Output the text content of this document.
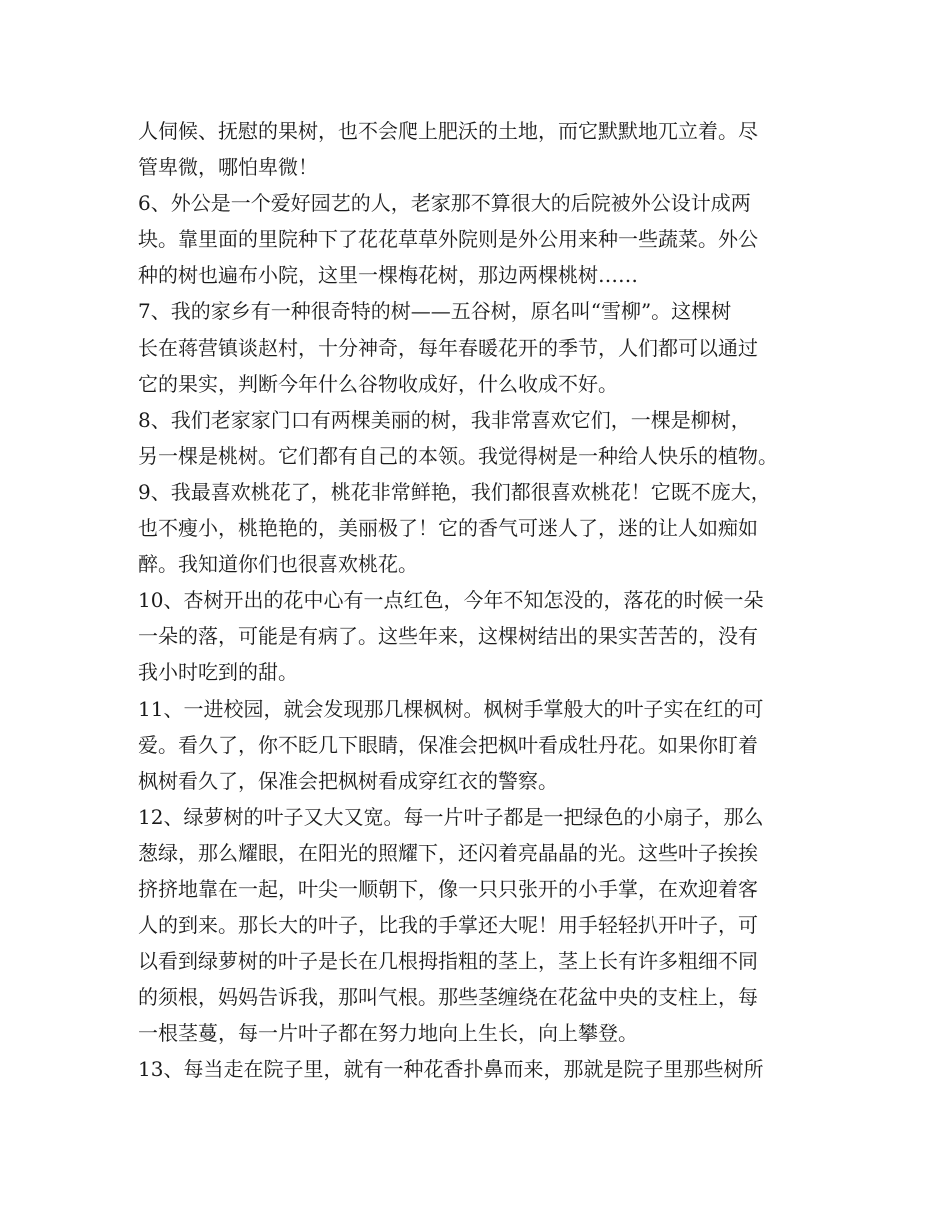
人伺候、抚慰的果树，也不会爬上肥沃的土地，而它默默地兀立着。尽
管卑微，哪怕卑微！
6、外公是一个爱好园艺的人，老家那不算很大的后院被外公设计成两
块。靠里面的里院种下了花花草草外院则是外公用来种一些蔬菜。外公
种的树也遍布小院，这里一棵梅花树，那边两棵桃树……
7、我的家乡有一种很奇特的树——五谷树，原名叫“雪柳”。这棵树
长在蒋营镇谈赵村，十分神奇，每年春暖花开的季节，人们都可以通过
它的果实，判断今年什么谷物收成好，什么收成不好。
8、我们老家家门口有两棵美丽的树，我非常喜欢它们，一棵是柳树，
另一棵是桃树。它们都有自己的本领。我觉得树是一种给人快乐的植物。
9、我最喜欢桃花了，桃花非常鲜艳，我们都很喜欢桃花！它既不庞大，
也不瘦小，桃艳艳的，美丽极了！它的香气可迷人了，迷的让人如痴如
醉。我知道你们也很喜欢桃花。
10、杏树开出的花中心有一点红色，今年不知怎没的，落花的时候一朵
一朵的落，可能是有病了。这些年来，这棵树结出的果实苦苦的，没有
我小时吃到的甜。
11、一进校园，就会发现那几棵枫树。枫树手掌般大的叶子实在红的可
爱。看久了，你不眨几下眼睛，保准会把枫叶看成牡丹花。如果你盯着
枫树看久了，保准会把枫树看成穿红衣的警察。
12、绿萝树的叶子又大又宽。每一片叶子都是一把绿色的小扇子，那么
葱绿，那么耀眼，在阳光的照耀下，还闪着亮晶晶的光。这些叶子挨挨
挤挤地靠在一起，叶尖一顺朝下，像一只只张开的小手掌，在欢迎着客
人的到来。那长大的叶子，比我的手掌还大呢！用手轻轻扒开叶子，可
以看到绿萝树的叶子是长在几根拇指粗的茎上，茎上长有许多粗细不同
的须根，妈妈告诉我，那叫气根。那些茎缠绕在花盆中央的支柱上，每
一根茎蔓，每一片叶子都在努力地向上生长，向上攀登。
13、每当走在院子里，就有一种花香扑鼻而来，那就是院子里那些树所
